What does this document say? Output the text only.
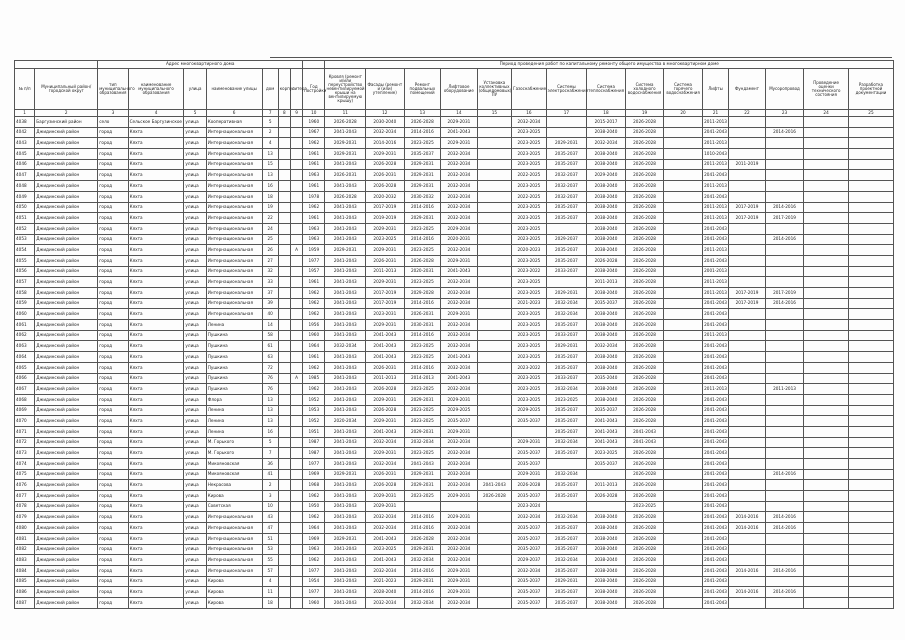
		Адрес многоквартирного дома								Период проведения работ по капитальному ремонту общего имущества в многоквартирном доме														
№ п/п	Муниципальный район/городской округ	тип муниципального образования	наименование муниципального образования	улица	наименование улицы	дом	корпус	литера	Год постройки	Кровля (ремонт и/или переустройство невентилируемой крыши на вентилируемую крышу)	Фасады (ремонт и (или) утепление)	Ремонт подвальных помещений	Лифтовое оборудование	Установка коллективных (общедомовых) ПУ	Газоснабжение	Системы электроснабжения	Система теплоснабжения	Система холодного водоснабжения	Система горячего водоснабжения	Лифты	Фундамент	Мусоропровод	Проведение оценки технического состояния	Разработка проектной документации
1	2	3	4	5	6	7	8	9	10	11	12	13	14	15	16	17	18	19	20	21	22	23	24	25
4038	Баргузинский район	село	Сельское Баргузинское	улица	Кооперативная	5			1960	2026-2028	2030-2040	2026-2028	2029-2031		2032-2034		2015-2017	2026-2028		2011-2013				
4042	Джидинский район	город	Кяхта	улица	Интернациональная	2			1967	2041-2043	2032-2034	2014-2016	2041-2043		2023-2025		2038-2040	2026-2028		2041-2043		2014-2016		
4043	Джидинский район	город	Кяхта	улица	Интернациональная	4			1962	2029-2031	2014-2016	2023-2025	2029-2031		2023-2025	2029-2031	2032-2034	2026-2028		2011-2013				
4045	Джидинский район	город	Кяхта	улица	Интернациональная	13			1961	2029-2031	2029-2031	2035-2037	2032-2034		2023-2025	2035-2037	2038-2040	2026-2028		1010-2043				
4046	Джидинский район	город	Кяхта	улица	Интернациональная	15			1961	2041-2043	2026-2028	2029-2031	2032-2034		2023-2025	2035-2037	2038-2040	2026-2028		2011-2013	2011-2019			
4047	Джидинский район	город	Кяхта	улица	Интернациональная	13			1963	2026-2031	2026-2031	2029-2031	2032-2034		2022-2025	2032-2037	2029-2040	2026-2028		2041-2043				
4048	Джидинский район	город	Кяхта	улица	Интернациональная	16			1961	2041-2043	2026-2028	2029-2031	2032-2034		2023-2025	2032-2037	2038-2040	2026-2028		2011-2013				
4049	Джидинский район	город	Кяхта	улица	Интернациональная	18			1978	2026-2028	2020-2032	2030-2032	2032-2034		2022-2025	2032-2037	2038-2040	2026-2028		2041-2043				
4050	Джидинский район	город	Кяхта	улица	Интернациональная	19			1962	2041-2043	2017-2019	2014-2016	2032-2034		2023-2025	2035-2037	2038-2040	2026-2028		2011-2013	2017-2019	2014-2016		
4051	Джидинский район	город	Кяхта	улица	Интернациональная	22			1961	2041-2043	2019-2019	2029-2031	2032-2034		2023-2025	2035-2037	2038-2040	2026-2028		2011-2013	2017-2019	2017-2019		
4052	Джидинский район	город	Кяхта	улица	Интернациональная	24			1963	2041-2043	2029-2031	2023-2025	2029-2034		2023-2025		2038-2040	2026-2028		2041-2043				
4053	Джидинский район	город	Кяхта	улица	Интернациональная	25			1963	2041-2043	2023-2025	2014-2016	2020-2031		2023-2025	2029-2037	2038-2040	2026-2028		2041-2043		2014-2016		
4054	Джидинский район	город	Кяхта	улица	Интернациональная	26		А	1959	2029-2031	2029-2031	2023-2025	2032-2034		2020-2023	2035-2037	2038-2040	2026-2028		2011-2013				
4055	Джидинский район	город	Кяхта	улица	Интернациональная	27			1977	2041-2043	2026-2031	2026-2028	2029-2031		2023-2025	2035-2037	2026-2028	2026-2028		2041-2043				
4056	Джидинский район	город	Кяхта	улица	Интернациональная	32			1957	2041-2043	2011-2013	2020-2031	2041-2043		2023-2022	2033-2037	2038-2040	2026-2028		2001-2013				
4057	Джидинский район	город	Кяхта	улица	Интернациональная	33			1961	2041-2043	2029-2031	2023-2025	2032-2034		2023-2025		2011-2013	2026-2028		2011-2013				
4058	Джидинский район	город	Кяхта	улица	Интернациональная	37			1962	2041-2043	2017-2019	2029-2028	2032-2034		2023-2025	2029-2031	2038-2040	2026-2028		2011-2013	2017-2019	2017-2019		
4059	Джидинский район	город	Кяхта	улица	Интернациональная	39			1962	2041-2043	2017-2019	2014-2016	2032-2034		2021-2023	2032-2034	2035-2037	2026-2028		2041-2043	2017-2019	2014-2016		
4060	Джидинский район	город	Кяхта	улица	Интернациональная	40			1962	2041-2043	2023-2031	2026-2031	2029-2031		2023-2025	2032-2034	2038-2040	2026-2028		2041-2043				
4061	Джидинский район	город	Кяхта	улица	Ленина	14			1956	2041-2043	2029-2031	2030-2031	2032-2034		2023-2025	2035-2037	2038-2040	2026-2028		2041-2043				
4062	Джидинский район	город	Кяхта	улица	Пушкина	58			1960	2041-2043	2041-2043	2014-2016	2032-2034		2023-2025	2033-2037	2038-2040	2026-2028		2011-2013				
4063	Джидинский район	город	Кяхта	улица	Пушкина	61			1964	2032-2034	2041-2043	2023-2025	2032-2034		2023-2025	2029-2031	2032-2034	2026-2028		2041-2043				
4064	Джидинский район	город	Кяхта	улица	Пушкина	63			1961	2041-2043	2041-2043	2023-2025	2041-2043		2023-2025	2035-2037	2038-2040	2026-2028		2041-2043				
4065	Джидинский район	город	Кяхта	улица	Пушкина	72			1962	2041-2043	2026-2031	2014-2016	2032-2034		2023-2022	2035-2037	2038-2040	2026-2028		2041-2043				
4066	Джидинский район	город	Кяхта	улица	Пушкина	76		А	1985	2041-2043	2011-2013	2014-2013	2041-2043		2023-2025	2033-2037	2035-2040	2026-2028		2041-2043				
4067	Джидинский район	город	Кяхта	улица	Пушкина	76			1962	2041-2043	2026-2028	2023-2025	2032-2034		2023-2025	2032-2034	2038-2040	2026-2028		2011-2013		2011-2013		
4068	Джидинский район	город	Кяхта	улица	Флора	13			1952	2041-2043	2029-2031	2029-2031	2029-2031		2023-2025	2023-2025	2038-2040	2026-2028		2041-2043				
4069	Джидинский район	город	Кяхта	улица	Ленина	13			1953	2041-2043	2026-2028	2023-2025	2029-2025		2029-2025	2035-2037	2035-2037	2026-2028		2041-2043				
4070	Джидинский район	город	Кяхта	улица	Ленина	13			1952	2020-2034	2029-2031	2023-2025	2035-2037		2035-2037	2035-2037	2041-2043	2026-2028		2041-2043				
4071	Джидинский район	город	Кяхта	улица	Ленина	16			1951	2041-2043	2041-2043	2029-2031	2029-2031			2035-2037	2041-2043	2041-2043		2041-2043				
4072	Джидинский район	город	Кяхта	улица	М. Горького	5			1987	2041-2043	2032-2034	2032-2034	2032-2034		2029-2031	2032-2034	2041-2043	2041-2043		2041-2043				
4073	Джидинский район	город	Кяхта	улица	М. Горького	7			1987	2041-2043	2029-2031	2023-2025	2032-2034		2035-2037	2035-2037	2023-2025	2026-2028		2041-2043				
4074	Джидинский район	город	Кяхта	улица	Микояновская	36			1977	2041-2043	2032-2034	2041-2043	2032-2034		2035-2037		2035-2037	2026-2028		2041-2043				
4075	Джидинский район	город	Кяхта	улица	Микояновская	41			1969	2029-2031	2026-2031	2029-2031	2032-2034		2029-2031	2032-2034		2026-2028		2041-2043		2014-2016		
4076	Джидинский район	город	Кяхта	улица	Некрасова	2			1968	2041-2043	2026-2028	2029-2031	2032-2034	2041-2043	2026-2028	2035-2037	2011-2013	2026-2028		2041-2043				
4077	Джидинский район	город	Кяхта	улица	Кирова	3			1962	2041-2043	2029-2031	2023-2025	2029-2031	2026-2028	2035-2037	2035-2037	2026-2028	2026-2028		2041-2043				
4078	Джидинский район	город	Кяхта	улица	Советская	10			1950	2041-2043	2029-2031				2023-2024			2023-2025		2041-2043				
4079	Джидинский район	город	Кяхта	улица	Интернациональная	43			1962	2041-2043	2032-2034	2014-2016	2029-2031		2032-2034	2032-2034	2038-2040	2026-2028		2041-2043	2014-2016	2014-2016		
4080	Джидинский район	город	Кяхта	улица	Интернациональная	47			1964	2041-2043	2032-2034	2014-2016	2032-2034		2035-2037	2035-2037	2038-2040	2026-2028		2041-2043	2014-2016	2014-2016		
4081	Джидинский район	город	Кяхта	улица	Интернациональная	51			1969	2029-2031	2041-2043	2026-2028	2032-2034		2035-2037	2035-2037	2038-2040	2026-2028		2041-2043				
4082	Джидинский район	город	Кяхта	улица	Интернациональная	53			1963	2041-2043	2023-2025	2029-2031	2032-2034		2035-2037	2035-2037	2038-2040	2026-2028		2041-2043				
4083	Джидинский район	город	Кяхта	улица	Интернациональная	55			1962	2041-2043	2041-2043	2032-2034	2032-2034		2029-2037	2032-2034	2038-2040	2026-2028		2041-2043				
4084	Джидинский район	город	Кяхта	улица	Интернациональная	57			1977	2041-2043	2032-2034	2014-2016	2029-2031		2032-2034	2035-2037	2038-2040	2026-2028		2041-2043	2014-2016	2014-2016		
4085	Джидинский район	город	Кяхта	улица	Кирова	4			1954	2041-2043	2021-2023	2029-2031	2029-2031		2035-2037	2029-2031	2038-2040	2026-2028		2041-2043				
4086	Джидинский район	город	Кяхта	улица	Кирова	11			1977	2041-2043	2028-2040	2014-2016	2029-2031		2035-2037	2035-2037	2038-2040	2026-2028		2041-2043	2014-2016	2014-2016		
4087	Джидинский район	город	Кяхта	улица	Кирова	18			1960	2041-2043	2032-2034	2032-2034	2032-2034		2035-2037	2035-2037	2038-2040	2026-2028		2041-2043				
